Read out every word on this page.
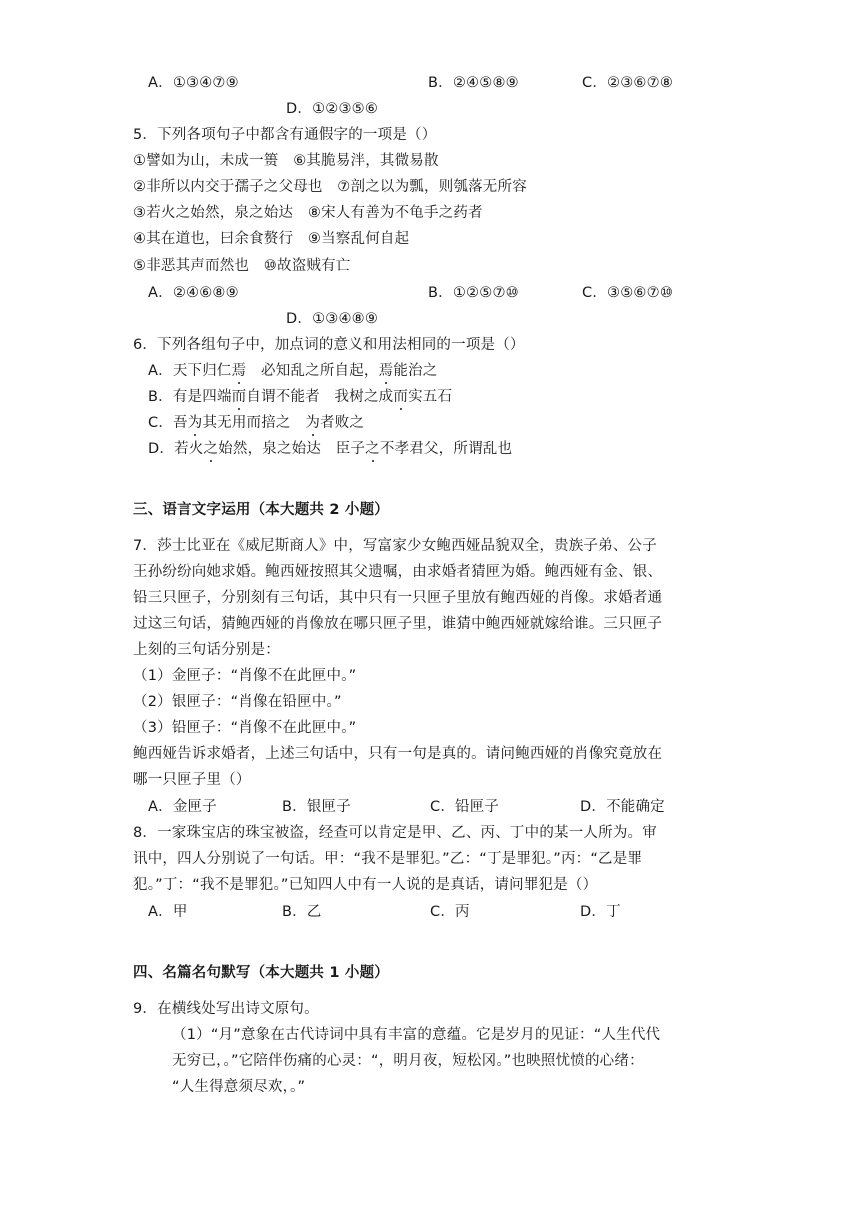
A．①③④⑦⑨	B．②④⑤⑧⑨	C．②③⑥⑦⑧
D．①②③⑤⑥
5．下列各项句子中都含有通假字的一项是（）
①譬如为山，未成一篑　⑥其脆易泮，其微易散
②非所以内交于孺子之父母也　⑦剖之以为瓢，则瓠落无所容
③若火之始然，泉之始达　⑧宋人有善为不龟手之药者
④其在道也，曰余食赘行　⑨当察乱何自起
⑤非恶其声而然也　⑩故盗贼有亡
A．②④⑥⑧⑨	B．①②⑤⑦⑩	C．③⑤⑥⑦⑩
D．①③④⑧⑨
6．下列各组句子中，加点词的意义和用法相同的一项是（）
A．天下归仁焉　必知乱之所自起，焉能治之
B．有是四端而自谓不能者　我树之成而实五石
C．吾为其无用而掊之　为者败之
D．若火之始然，泉之始达　臣子之不孝君父，所谓乱也
三、语言文字运用（本大题共 2 小题）
7．莎士比亚在《威尼斯商人》中，写富家少女鲍西娅品貌双全，贵族子弟、公子
王孙纷纷向她求婚。鲍西娅按照其父遗嘱，由求婚者猜匣为婚。鲍西娅有金、银、
铅三只匣子，分别刻有三句话，其中只有一只匣子里放有鲍西娅的肖像。求婚者通
过这三句话，猜鲍西娅的肖像放在哪只匣子里，谁猜中鲍西娅就嫁给谁。三只匣子
上刻的三句话分别是：
（1）金匣子：“肖像不在此匣中。”
（2）银匣子：“肖像在铅匣中。”
（3）铅匣子：“肖像不在此匣中。”
鲍西娅告诉求婚者，上述三句话中，只有一句是真的。请问鲍西娅的肖像究竟放在
哪一只匣子里（）
A．金匣子	B．银匣子	C．铅匣子	D．不能确定
8．一家珠宝店的珠宝被盗，经查可以肯定是甲、乙、丙、丁中的某一人所为。审
讯中，四人分别说了一句话。甲：“我不是罪犯。”乙：“丁是罪犯。”丙：“乙是罪
犯。”丁：“我不是罪犯。”已知四人中有一人说的是真话，请问罪犯是（）
A．甲	B．乙	C．丙	D．丁
四、名篇名句默写（本大题共 1 小题）
9．在横线处写出诗文原句。
（1）“月”意象在古代诗词中具有丰富的意蕴。它是岁月的见证：“人生代代
无穷已，。”它陪伴伤痛的心灵：“，明月夜，短松冈。”也映照忧愤的心绪：
“人生得意须尽欢，。”
